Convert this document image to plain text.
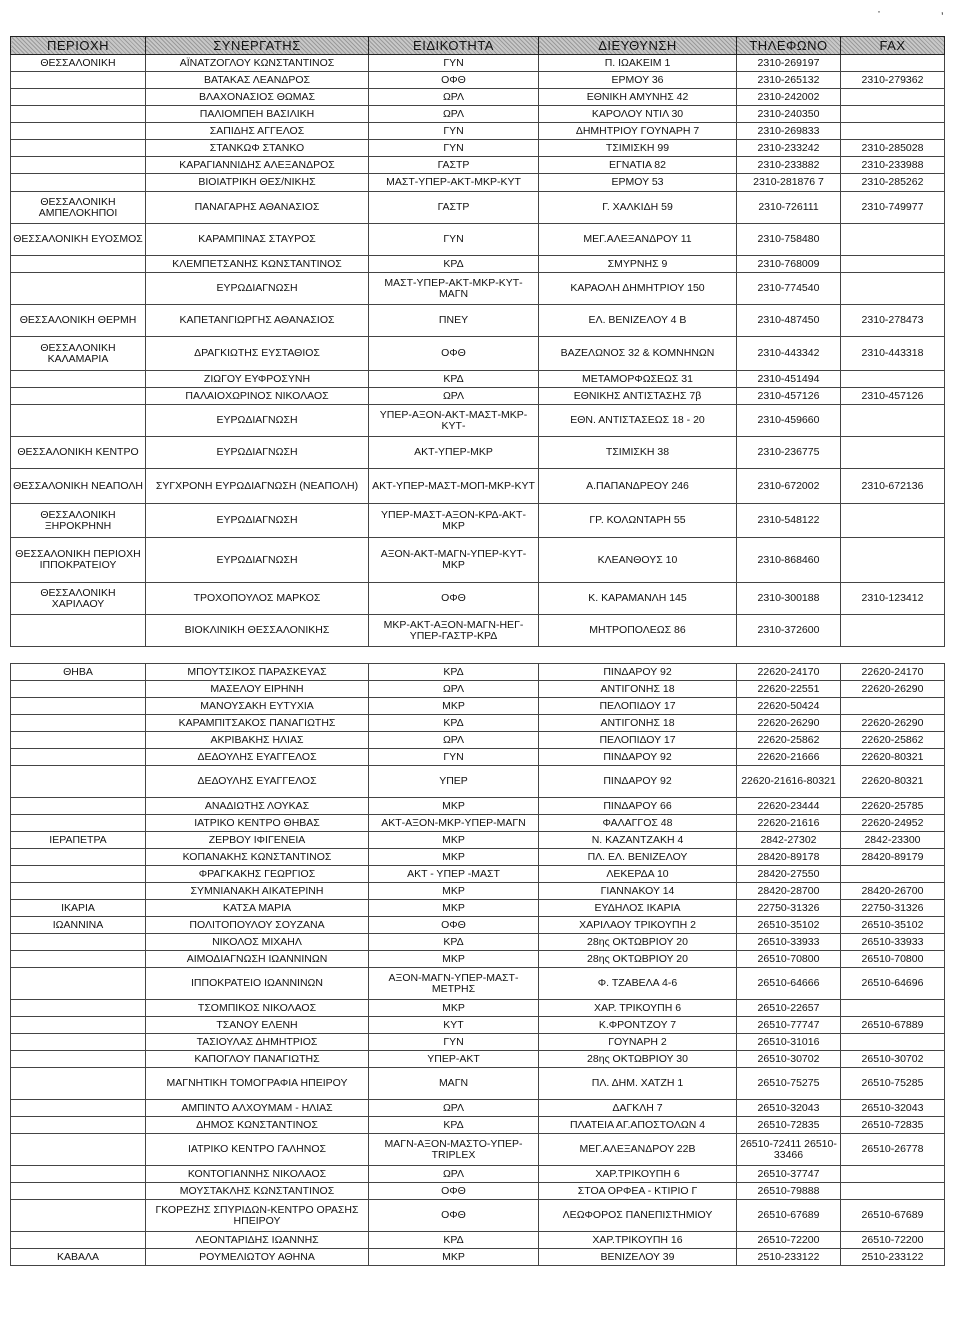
ΠΕΡΙΟΧΗ	ΣΥΝΕΡΓΑΤΗΣ	ΕΙΔΙΚΟΤΗΤΑ	ΔΙΕΥΘΥΝΣΗ	ΤΗΛΕΦΩΝΟ	FAX
ΘΕΣΣΑΛΟΝΙΚΗ	ΑΪΝΑΤΖΟΓΛΟΥ ΚΩΝΣΤΑΝΤΙΝΟΣ	ΓΥΝ	Π. ΙΩΑΚΕΙΜ 1	2310-269197	
	ΒΑΤΑΚΑΣ ΛΕΑΝΔΡΟΣ	ΟΦΘ	ΕΡΜΟΥ 36	2310-265132	2310-279362
	ΒΛΑΧΟΝΑΣΙΟΣ ΘΩΜΑΣ	ΩΡΛ	ΕΘΝΙΚΗ ΑΜΥΝΗΣ 42	2310-242002	
	ΠΑΛΙΟΜΠΕΗ ΒΑΣΙΛΙΚΗ	ΩΡΛ	ΚΑΡΟΛΟΥ ΝΤΙΛ 30	2310-240350	
	ΣΑΠΙΔΗΣ ΑΓΓΕΛΟΣ	ΓΥΝ	ΔΗΜΗΤΡΙΟΥ ΓΟΥΝΑΡΗ 7	2310-269833	
	ΣΤΑΝΚΩΦ ΣΤΑΝΚΟ	ΓΥΝ	ΤΣΙΜΙΣΚΗ 99	2310-233242	2310-285028
	ΚΑΡΑΓΙΑΝΝΙΔΗΣ ΑΛΕΞΑΝΔΡΟΣ	ΓΑΣΤΡ	ΕΓΝΑΤΙΑ 82	2310-233882	2310-233988
	ΒΙΟΙΑΤΡΙΚΗ ΘΕΣ/ΝΙΚΗΣ	ΜΑΣΤ-ΥΠΕΡ-ΑΚΤ-ΜΚΡ-ΚΥΤ	ΕΡΜΟΥ 53	2310-281876 7	2310-285262
ΘΕΣΣΑΛΟΝΙΚΗ ΑΜΠΕΛΟΚΗΠΟΙ	ΠΑΝΑΓΑΡΗΣ ΑΘΑΝΑΣΙΟΣ	ΓΑΣΤΡ	Γ. ΧΑΛΚΙΔΗ 59	2310-726111	2310-749977
ΘΕΣΣΑΛΟΝΙΚΗ ΕΥΟΣΜΟΣ	ΚΑΡΑΜΠΙΝΑΣ ΣΤΑΥΡΟΣ	ΓΥΝ	ΜΕΓ.ΑΛΕΞΑΝΔΡΟΥ 11	2310-758480	
	ΚΛΕΜΠΕΤΣΑΝΗΣ ΚΩΝΣΤΑΝΤΙΝΟΣ	ΚΡΔ	ΣΜΥΡΝΗΣ 9	2310-768009	
	ΕΥΡΩΔΙΑΓΝΩΣΗ	ΜΑΣΤ-ΥΠΕΡ-ΑΚΤ-ΜΚΡ-ΚΥΤ-ΜΑΓΝ	ΚΑΡΑΟΛΗ ΔΗΜΗΤΡΙΟΥ 150	2310-774540	
ΘΕΣΣΑΛΟΝΙΚΗ ΘΕΡΜΗ	ΚΑΠΕΤΑΝΓΙΩΡΓΗΣ ΑΘΑΝΑΣΙΟΣ	ΠΝΕΥ	ΕΛ. ΒΕΝΙΖΕΛΟΥ 4 Β	2310-487450	2310-278473
ΘΕΣΣΑΛΟΝΙΚΗ ΚΑΛΑΜΑΡΙΑ	ΔΡΑΓΚΙΩΤΗΣ ΕΥΣΤΑΘΙΟΣ	ΟΦΘ	ΒΑΖΕΛΩΝΟΣ 32 & ΚΟΜΝΗΝΩΝ	2310-443342	2310-443318
	ΖΙΩΓΟΥ ΕΥΦΡΟΣΥΝΗ	ΚΡΔ	ΜΕΤΑΜΟΡΦΩΣΕΩΣ 31	2310-451494	
	ΠΑΛΑΙΟΧΩΡΙΝΟΣ ΝΙΚΟΛΑΟΣ	ΩΡΛ	ΕΘΝΙΚΗΣ ΑΝΤΙΣΤΑΣΗΣ 7β	2310-457126	2310-457126
	ΕΥΡΩΔΙΑΓΝΩΣΗ	ΥΠΕΡ-ΑΞΟΝ-ΑΚΤ-ΜΑΣΤ-ΜΚΡ-ΚΥΤ-	ΕΘΝ. ΑΝΤΙΣΤΑΣΕΩΣ 18 - 20	2310-459660	
ΘΕΣΣΑΛΟΝΙΚΗ ΚΕΝΤΡΟ	ΕΥΡΩΔΙΑΓΝΩΣΗ	ΑΚΤ-ΥΠΕΡ-ΜΚΡ	ΤΣΙΜΙΣΚΗ 38	2310-236775	
ΘΕΣΣΑΛΟΝΙΚΗ ΝΕΑΠΟΛΗ	ΣΥΓΧΡΟΝΗ ΕΥΡΩΔΙΑΓΝΩΣΗ (ΝΕΑΠΟΛΗ)	ΑΚΤ-ΥΠΕΡ-ΜΑΣΤ-ΜΟΠ-ΜΚΡ-ΚΥΤ	Α.ΠΑΠΑΝΔΡΕΟΥ 246	2310-672002	2310-672136
ΘΕΣΣΑΛΟΝΙΚΗ ΞΗΡΟΚΡΗΝΗ	ΕΥΡΩΔΙΑΓΝΩΣΗ	ΥΠΕΡ-ΜΑΣΤ-ΑΞΟΝ-ΚΡΔ-ΑΚΤ-ΜΚΡ	ΓΡ. ΚΟΛΩΝΤΑΡΗ 55	2310-548122	
ΘΕΣΣΑΛΟΝΙΚΗ ΠΕΡΙΟΧΗ ΙΠΠΟΚΡΑΤΕΙΟΥ	ΕΥΡΩΔΙΑΓΝΩΣΗ	ΑΞΟΝ-ΑΚΤ-ΜΑΓΝ-ΥΠΕΡ-ΚΥΤ-ΜΚΡ	ΚΛΕΑΝΘΟΥΣ 10	2310-868460	
ΘΕΣΣΑΛΟΝΙΚΗ ΧΑΡΙΛΑΟΥ	ΤΡΟΧΟΠΟΥΛΟΣ ΜΑΡΚΟΣ	ΟΦΘ	Κ. ΚΑΡΑΜΑΝΛΗ 145	2310-300188	2310-123412
	ΒΙΟΚΛΙΝΙΚΗ ΘΕΣΣΑΛΟΝΙΚΗΣ	ΜΚΡ-ΑΚΤ-ΑΞΟΝ-ΜΑΓΝ-ΗΕΓ-ΥΠΕΡ-ΓΑΣΤΡ-ΚΡΔ	ΜΗΤΡΟΠΟΛΕΩΣ 86	2310-372600	

ΘΗΒΑ	ΜΠΟΥΤΣΙΚΟΣ ΠΑΡΑΣΚΕΥΑΣ	ΚΡΔ	ΠΙΝΔΑΡΟΥ 92	22620-24170	22620-24170
	ΜΑΣΕΛΟΥ ΕΙΡΗΝΗ	ΩΡΛ	ΑΝΤΙΓΟΝΗΣ 18	22620-22551	22620-26290
	ΜΑΝΟΥΣΑΚΗ ΕΥΤΥΧΙΑ	ΜΚΡ	ΠΕΛΟΠΙΔΟΥ 17	22620-50424	
	ΚΑΡΑΜΠΙΤΣΑΚΟΣ ΠΑΝΑΓΙΩΤΗΣ	ΚΡΔ	ΑΝΤΙΓΟΝΗΣ 18	22620-26290	22620-26290
	ΑΚΡΙΒΑΚΗΣ ΗΛΙΑΣ	ΩΡΛ	ΠΕΛΟΠΙΔΟΥ 17	22620-25862	22620-25862
	ΔΕΔΟΥΛΗΣ ΕΥΑΓΓΕΛΟΣ	ΓΥΝ	ΠΙΝΔΑΡΟΥ 92	22620-21666	22620-80321
	ΔΕΔΟΥΛΗΣ ΕΥΑΓΓΕΛΟΣ	ΥΠΕΡ	ΠΙΝΔΑΡΟΥ 92	22620-21616-80321	22620-80321
	ΑΝΑΔΙΩΤΗΣ ΛΟΥΚΑΣ	ΜΚΡ	ΠΙΝΔΑΡΟΥ 66	22620-23444	22620-25785
	ΙΑΤΡΙΚΟ ΚΕΝΤΡΟ ΘΗΒΑΣ	ΑΚΤ-ΑΞΟΝ-ΜΚΡ-ΥΠΕΡ-ΜΑΓΝ	ΦΑΛΑΓΓΟΣ 48	22620-21616	22620-24952
ΙΕΡΑΠΕΤΡΑ	ΖΕΡΒΟΥ ΙΦΙΓΕΝΕΙΑ	ΜΚΡ	Ν. ΚΑΖΑΝΤΖΑΚΗ 4	2842-27302	2842-23300
	ΚΟΠΑΝΑΚΗΣ ΚΩΝΣΤΑΝΤΙΝΟΣ	ΜΚΡ	ΠΛ. ΕΛ. ΒΕΝΙΖΕΛΟΥ	28420-89178	28420-89179
	ΦΡΑΓΚΑΚΗΣ ΓΕΩΡΓΙΟΣ	ΑΚΤ - ΥΠΕΡ -ΜΑΣΤ	ΛΕΚΕΡΔΑ 10	28420-27550	
	ΣΥΜΝΙΑΝΑΚΗ ΑΙΚΑΤΕΡΙΝΗ	ΜΚΡ	ΓΙΑΝΝΑΚΟΥ 14	28420-28700	28420-26700
ΙΚΑΡΙΑ	ΚΑΤΣΑ ΜΑΡΙΑ	ΜΚΡ	ΕΥΔΗΛΟΣ ΙΚΑΡΙΑ	22750-31326	22750-31326
ΙΩΑΝΝΙΝΑ	ΠΟΛΙΤΟΠΟΥΛΟΥ ΣΟΥΖΑΝΑ	ΟΦΘ	ΧΑΡΙΛΑΟΥ ΤΡΙΚΟΥΠΗ 2	26510-35102	26510-35102
	ΝΙΚΟΛΟΣ ΜΙΧΑΗΛ	ΚΡΔ	28ης ΟΚΤΩΒΡΙΟΥ 20	26510-33933	26510-33933
	ΑΙΜΟΔΙΑΓΝΩΣΗ ΙΩΑΝΝΙΝΩΝ	ΜΚΡ	28ης ΟΚΤΩΒΡΙΟΥ 20	26510-70800	26510-70800
	ΙΠΠΟΚΡΑΤΕΙΟ ΙΩΑΝΝΙΝΩΝ	ΑΞΟΝ-ΜΑΓΝ-ΥΠΕΡ-ΜΑΣΤ-ΜΕΤΡΗΣ	Φ. ΤΖΑΒΕΛΑ 4-6	26510-64666	26510-64696
	ΤΣΟΜΠΙΚΟΣ ΝΙΚΟΛΑΟΣ	ΜΚΡ	ΧΑΡ. ΤΡΙΚΟΥΠΗ 6	26510-22657	
	ΤΣΑΝΟΥ ΕΛΕΝΗ	ΚΥΤ	Κ.ΦΡΟΝΤΖΟΥ 7	26510-77747	26510-67889
	ΤΑΣΙΟΥΛΑΣ ΔΗΜΗΤΡΙΟΣ	ΓΥΝ	ΓΟΥΝΑΡΗ 2	26510-31016	
	ΚΑΠΟΓΛΟΥ ΠΑΝΑΓΙΩΤΗΣ	ΥΠΕΡ-ΑΚΤ	28ης ΟΚΤΩΒΡΙΟΥ 30	26510-30702	26510-30702
	ΜΑΓΝΗΤΙΚΗ ΤΟΜΟΓΡΑΦΙΑ ΗΠΕΙΡΟΥ	ΜΑΓΝ	ΠΛ. ΔΗΜ. ΧΑΤΖΗ 1	26510-75275	26510-75285
	ΑΜΠΙΝΤΟ ΑΛΧΟΥΜΑΜ - ΗΛΙΑΣ	ΩΡΛ	ΔΑΓΚΛΗ 7	26510-32043	26510-32043
	ΔΗΜΟΣ ΚΩΝΣΤΑΝΤΙΝΟΣ	ΚΡΔ	ΠΛΑΤΕΙΑ ΑΓ.ΑΠΟΣΤΟΛΩΝ 4	26510-72835	26510-72835
	ΙΑΤΡΙΚΟ ΚΕΝΤΡΟ ΓΑΛΗΝΟΣ	ΜΑΓΝ-ΑΞΟΝ-ΜΑΣΤΟ-ΥΠΕΡ-TRIPLEX	ΜΕΓ.ΑΛΕΞΑΝΔΡΟΥ 22Β	26510-72411 26510-33466	26510-26778
	ΚΟΝΤΟΓΙΑΝΝΗΣ ΝΙΚΟΛΑΟΣ	ΩΡΛ	ΧΑΡ.ΤΡΙΚΟΥΠΗ 6	26510-37747	
	ΜΟΥΣΤΑΚΛΗΣ ΚΩΝΣΤΑΝΤΙΝΟΣ	ΟΦΘ	ΣΤΟΑ ΟΡΦΕΑ - ΚΤΙΡΙΟ Γ	26510-79888	
	ΓΚΟΡΕΖΗΣ ΣΠΥΡΙΔΩΝ-ΚΕΝΤΡΟ ΟΡΑΣΗΣ ΗΠΕΙΡΟΥ	ΟΦΘ	ΛΕΩΦΟΡΟΣ ΠΑΝΕΠΙΣΤΗΜΙΟΥ	26510-67689	26510-67689
	ΛΕΟΝΤΑΡΙΔΗΣ ΙΩΑΝΝΗΣ	ΚΡΔ	ΧΑΡ.ΤΡΙΚΟΥΠΗ 16	26510-72200	26510-72200
ΚΑΒΑΛΑ	ΡΟΥΜΕΛΙΩΤΟΥ ΑΘΗΝΑ	ΜΚΡ	ΒΕΝΙΖΕΛΟΥ 39	2510-233122	2510-233122
·	ʼ
